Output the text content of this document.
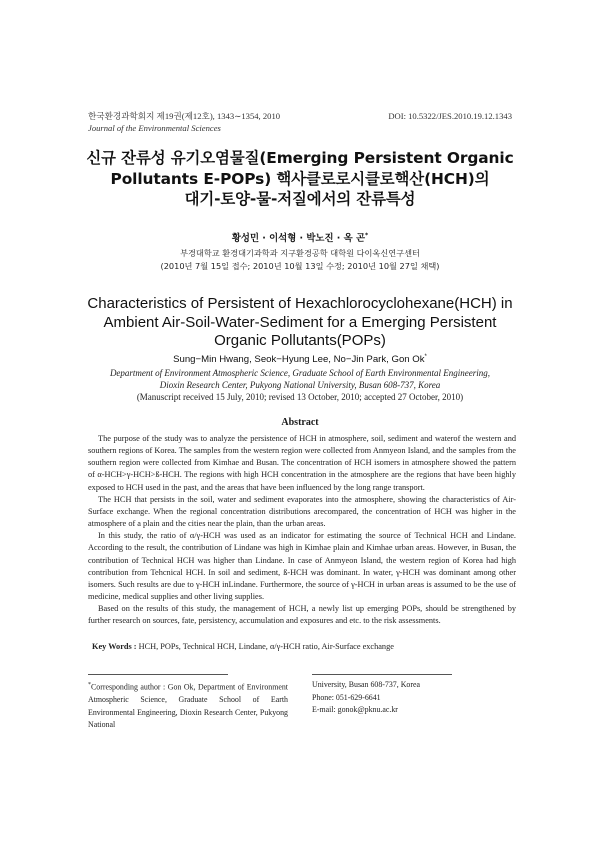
한국환경과학회지 제19권(제12호), 1343∼1354, 2010	DOI: 10.5322/JES.2010.19.12.1343
Journal of the Environmental Sciences
신규 잔류성 유기오염물질(Emerging Persistent Organic
Pollutants E-POPs) 핵사클로로시클로핵산(HCH)의
대기-토양-물-저질에서의 잔류특성
황성민 · 이석형 · 박노진 · 옥 곤*
부경대학교 환경대기과학과 지구환경공학 대학원 다이옥신연구센터
(2010년 7월 15일 접수; 2010년 10월 13일 수정; 2010년 10월 27일 채택)
Characteristics of Persistent of Hexachlorocyclohexane(HCH) in
Ambient Air-Soil-Water-Sediment for a Emerging Persistent
Organic Pollutants(POPs)
Sung−Min Hwang, Seok−Hyung Lee, No−Jin Park, Gon Ok*
Department of Environment Atmospheric Science, Graduate School of Earth Environmental Engineering,
Dioxin Research Center, Pukyong National University, Busan 608-737, Korea
(Manuscript received 15 July, 2010; revised 13 October, 2010; accepted 27 October, 2010)
Abstract

The purpose of the study was to analyze the persistence of HCH in atmosphere, soil, sediment and waterof the western and southern regions of Korea. The samples from the western region were collected from Anmyeon Island, and the samples from the southern region were collected from Kimhae and Busan. The concentration of HCH isomers in atmosphere showed the pattern of α-HCH>γ-HCH>ß-HCH. The regions with high HCH concentration in the atmosphere are the regions that have been highly exposed to HCH used in the past, and the areas that have been influenced by the long range transport.

The HCH that persists in the soil, water and sediment evaporates into the atmosphere, showing the characteristics of Air-Surface exchange. When the regional concentration distributions arecompared, the concentration of HCH was higher in the atmosphere of a plain and the cities near the plain, than the urban areas.

In this study, the ratio of α/γ-HCH was used as an indicator for estimating the source of Technical HCH and Lindane. According to the result, the contribution of Lindane was high in Kimhae plain and Kimhae urban areas. However, in Busan, the contribution of Technical HCH was higher than Lindane. In case of Anmyeon Island, the western region of Korea had high contribution from Tehcnical HCH. In soil and sediment, ß-HCH was dominant. In water, γ-HCH was dominant among other isomers. Such results are due to γ-HCH inLindane. Furthermore, the source of γ-HCH in urban areas is assumed to be the use of medicine, medical supplies and other living supplies.

Based on the results of this study, the management of HCH, a newly list up emerging POPs, should be strengthened by further research on sources, fate, persistency, accumulation and exposures and etc. to the risk assessments.

Key Words : HCH, POPs, Technical HCH, Lindane, α/γ-HCH ratio, Air-Surface exchange
*Corresponding author : Gon Ok, Department of Environment Atmospheric Science, Graduate School of Earth Environmental Engineering, Dioxin Research Center, Pukyong National
University, Busan 608-737, Korea
Phone: 051-629-6641
E-mail: gonok@pknu.ac.kr
